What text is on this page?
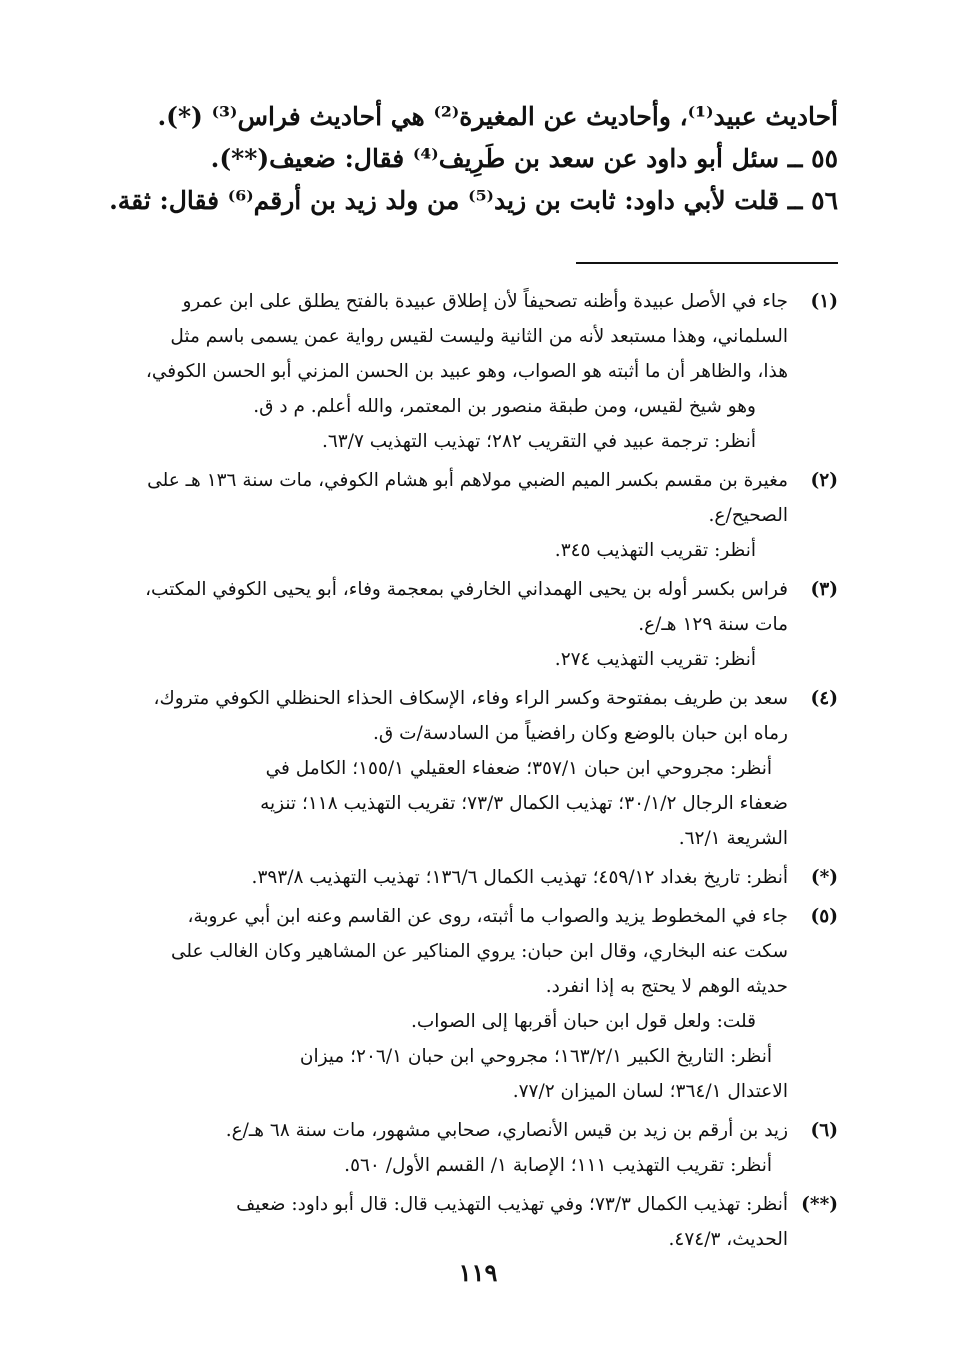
أحاديث عبيد⁽¹⁾، وأحاديث عن المغيرة⁽²⁾ هي أحاديث فراس⁽³⁾ (*).
٥٥ ــ سئل أبو داود عن سعد بن طَرِيف⁽⁴⁾ فقال: ضعيف(**).
٥٦ ــ قلت لأبي داود: ثابت بن زيد⁽⁵⁾ من ولد زيد بن أرقم⁽⁶⁾ فقال: ثقة.
(١)
جاء في الأصل عبيدة وأظنه تصحيفاً لأن إطلاق عبيدة بالفتح يطلق على ابن عمرو
السلماني، وهذا مستبعد لأنه من الثانية وليست لقيس رواية عمن يسمى باسم مثل
هذا، والظاهر أن ما أثبته هو الصواب، وهو عبيد بن الحسن المزني أبو الحسن الكوفي،
وهو شيخ لقيس، ومن طبقة منصور بن المعتمر، والله أعلم. م د ق.
أنظر: ترجمة عبيد في التقريب ٢٨٢؛ تهذيب التهذيب ٦٣/٧.
(٢)
مغيرة بن مقسم بكسر الميم الضبي مولاهم أبو هشام الكوفي، مات سنة ١٣٦ هـ على
الصحيح/ع.
أنظر: تقريب التهذيب ٣٤٥.
(٣)
فراس بكسر أوله بن يحيى الهمداني الخارفي بمعجمة وفاء، أبو يحيى الكوفي المكتب،
مات سنة ١٢٩ هـ/ع.
أنظر: تقريب التهذيب ٢٧٤.
(٤)
سعد بن طريف بمفتوحة وكسر الراء وفاء، الإسكاف الحذاء الحنظلي الكوفي متروك،
رماه ابن حبان بالوضع وكان رافضياً من السادسة/ت ق.
أنظر: مجروحي ابن حبان ٣٥٧/١؛ ضعفاء العقيلي ١٥٥/١؛ الكامل في
ضعفاء الرجال ٣٠/١/٢؛ تهذيب الكمال ٧٣/٣؛ تقريب التهذيب ١١٨؛ تنزيه
الشريعة ٦٢/١.
(*)
أنظر: تاريخ بغداد ٤٥٩/١٢؛ تهذيب الكمال ١٣٦/٦؛ تهذيب التهذيب ٣٩٣/٨.
(٥)
جاء في المخطوط يزيد والصواب ما أثبته، روى عن القاسم وعنه ابن أبي عروبة،
سكت عنه البخاري، وقال ابن حبان: يروي المناكير عن المشاهير وكان الغالب على
حديثه الوهم لا يحتج به إذا انفرد.
قلت: ولعل قول ابن حبان أقربها إلى الصواب.
أنظر: التاريخ الكبير ١٦٣/٢/١؛ مجروحي ابن حبان ٢٠٦/١؛ ميزان
الاعتدال ٣٦٤/١؛ لسان الميزان ٧٧/٢.
(٦)
زيد بن أرقم بن زيد بن قيس الأنصاري، صحابي مشهور، مات سنة ٦٨ هـ/ع.
أنظر: تقريب التهذيب ١١١؛ الإصابة ١/ القسم الأول/ ٥٦٠.
(**)
أنظر: تهذيب الكمال ٧٣/٣؛ وفي تهذيب التهذيب قال: قال أبو داود: ضعيف
الحديث، ٤٧٤/٣.
١١٩
